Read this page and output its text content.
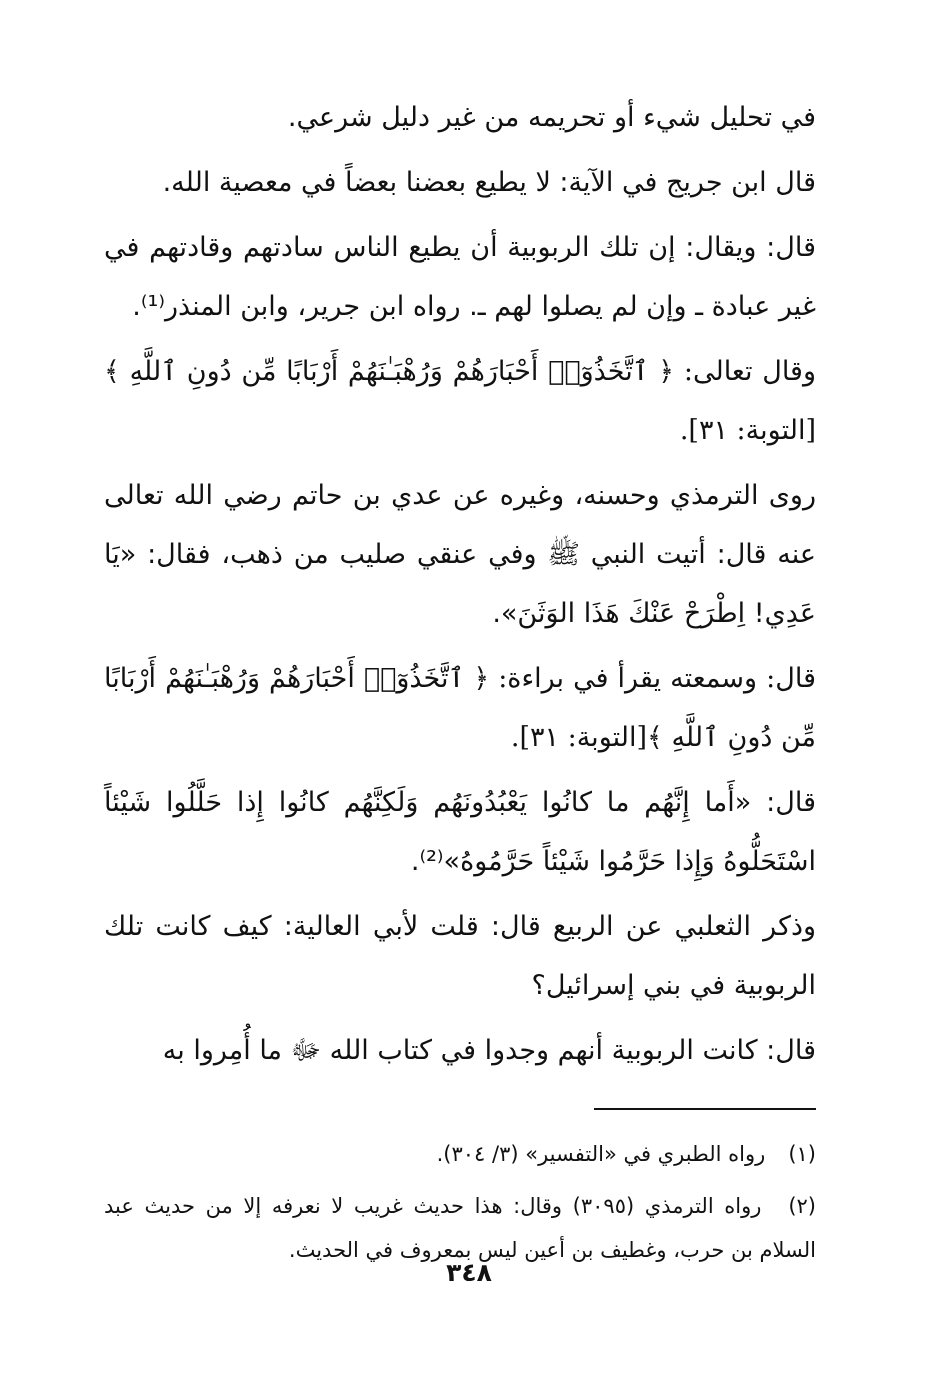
في تحليل شيء أو تحريمه من غير دليل شرعي.

قال ابن جريج في الآية: لا يطيع بعضنا بعضاً في معصية الله.

قال: ويقال: إن تلك الربوبية أن يطيع الناس سادتهم وقادتهم في غير عبادة ـ وإن لم يصلوا لهم ـ. رواه ابن جرير، وابن المنذر⁽¹⁾.

وقال تعالى: ﴿ ٱتَّخَذُوٓا۟ أَحْبَارَهُمْ وَرُهْبَـٰنَهُمْ أَرْبَابًا مِّن دُونِ ٱللَّهِ ﴾[التوبة: ٣١].

روى الترمذي وحسنه، وغيره عن عدي بن حاتم رضي الله تعالى عنه قال: أتيت النبي ﷺ وفي عنقي صليب من ذهب، فقال: «يَا عَدِي! اِطْرَحْ عَنْكَ هَذَا الوَثَنَ».

قال: وسمعته يقرأ في براءة: ﴿ ٱتَّخَذُوٓا۟ أَحْبَارَهُمْ وَرُهْبَـٰنَهُمْ أَرْبَابًا مِّن دُونِ ٱللَّهِ ﴾[التوبة: ٣١].

قال: «أَما إِنَّهُم ما كانُوا يَعْبُدُونَهُم وَلَكِنَّهُم كانُوا إِذا حَلَّلُوا شَيْئاً اسْتَحَلُّوهُ وَإِذا حَرَّمُوا شَيْئاً حَرَّمُوهُ»⁽²⁾.

وذكر الثعلبي عن الربيع قال: قلت لأبي العالية: كيف كانت تلك الربوبية في بني إسرائيل؟

قال: كانت الربوبية أنهم وجدوا في كتاب الله ﷻ ما أُمِروا به

(١) رواه الطبري في «التفسير» (٣/ ٣٠٤).

(٢) رواه الترمذي (٣٠٩٥) وقال: هذا حديث غريب لا نعرفه إلا من حديث عبد السلام بن حرب، وغطيف بن أعين ليس بمعروف في الحديث.

٣٤٨
